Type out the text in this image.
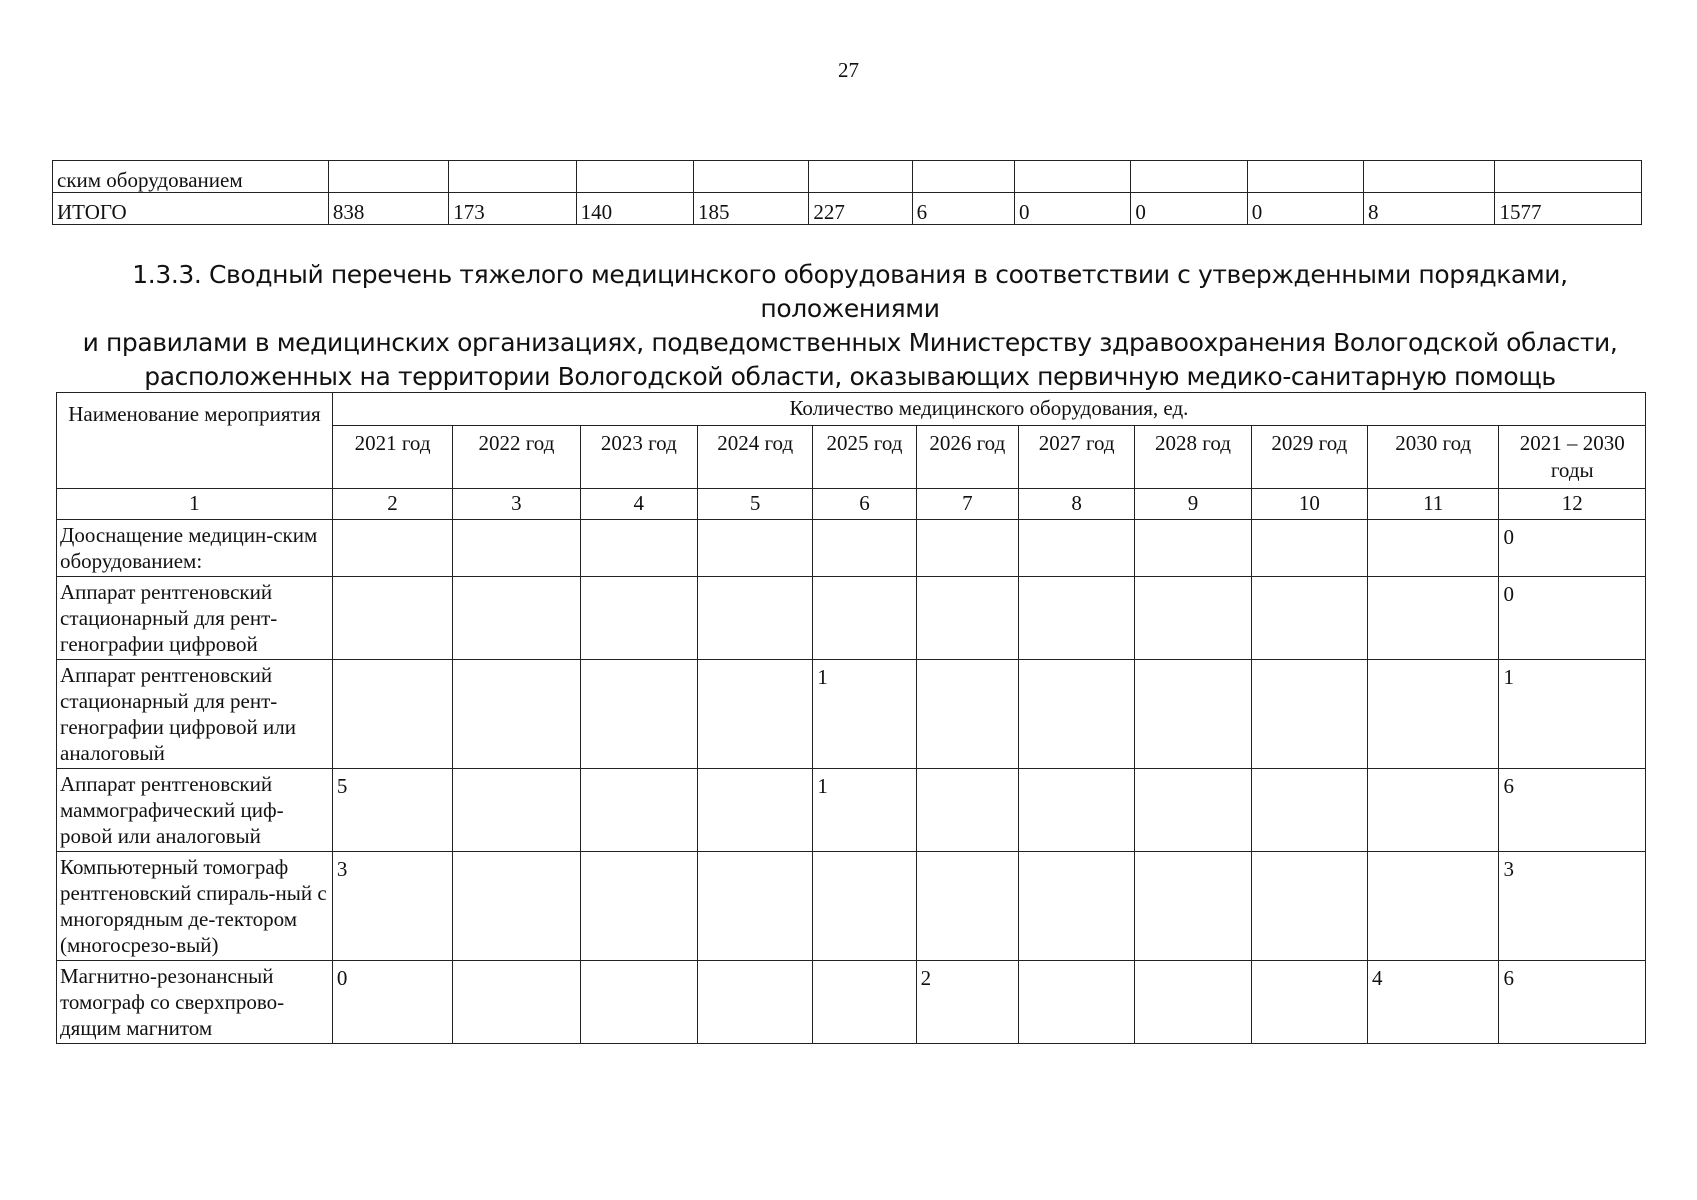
27
ским оборудованием											
ИТОГО	838	173	140	185	227	6	0	0	0	8	1577
1.3.3. Сводный перечень тяжелого медицинского оборудования в соответствии с утвержденными порядками, положениями
и правилами в медицинских организациях, подведомственных Министерству здравоохранения Вологодской области,
расположенных на территории Вологодской области, оказывающих первичную медико-санитарную помощь
Наименование мероприятия	Количество медицинского оборудования, ед.										
	2021 год	2022 год	2023 год	2024 год	2025 год	2026 год	2027 год	2028 год	2029 год	2030 год	2021 – 2030 годы
1	2	3	4	5	6	7	8	9	10	11	12
Дооснащение медицин-ским оборудованием:											0
Аппарат рентгеновский стационарный для рент-генографии цифровой											0
Аппарат рентгеновский стационарный для рент-генографии цифровой или аналоговый					1						1
Аппарат рентгеновский маммографический циф-ровой или аналоговый	5				1						6
Компьютерный томограф рентгеновский спираль-ный с многорядным де-тектором (многосрезо-вый)	3										3
Магнитно-резонансный томограф со сверхпрово-дящим магнитом	0					2				4	6
